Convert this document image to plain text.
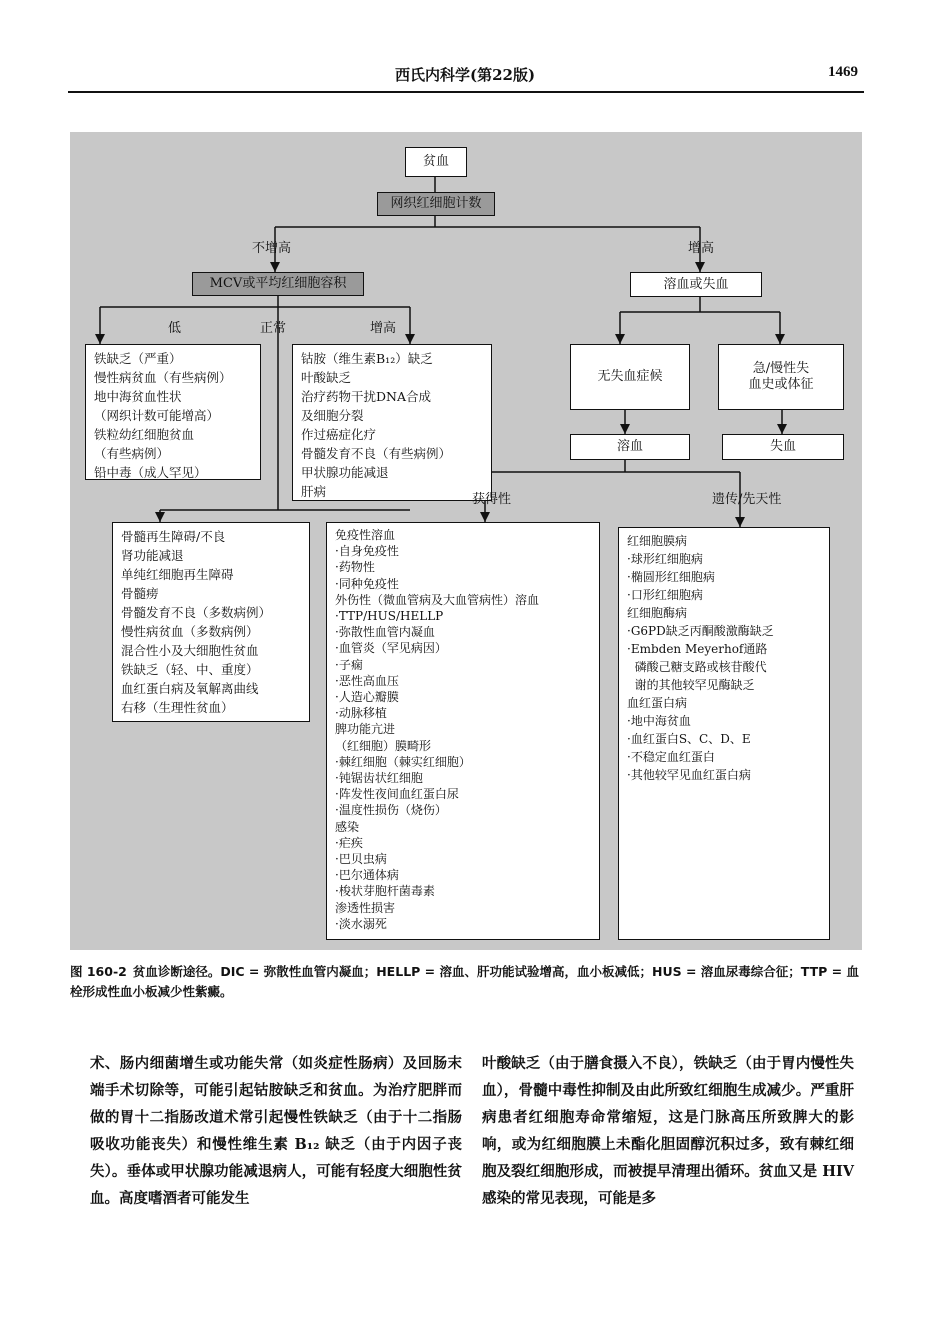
西氏内科学(第22版)	1469
贫血
网织红细胞计数
不增高	增高
MCV或平均红细胞容积	溶血或失血
低	正常	增高
铁缺乏（严重）
慢性病贫血（有些病例）
地中海贫血性状
（网织计数可能增高）
铁粒幼红细胞贫血
（有些病例）
铅中毒（成人罕见）
钴胺（维生素B₁₂）缺乏
叶酸缺乏
治疗药物干扰DNA合成
及细胞分裂
作过癌症化疗
骨髓发育不良（有些病例）
甲状腺功能减退
肝病
无失血症候
急/慢性失
血史或体征
溶血	失血
获得性	遗传/先天性
骨髓再生障碍/不良
肾功能减退
单纯红细胞再生障碍
骨髓痨
骨髓发育不良（多数病例）
慢性病贫血（多数病例）
混合性小及大细胞性贫血
铁缺乏（轻、中、重度）
血红蛋白病及氧解离曲线
右移（生理性贫血）
免疫性溶血
·自身免疫性
·药物性
·同种免疫性
外伤性（微血管病及大血管病性）溶血
·TTP/HUS/HELLP
·弥散性血管内凝血
·血管炎（罕见病因）
·子痫
·恶性高血压
·人造心瓣膜
·动脉移植
脾功能亢进
（红细胞）膜畸形
·棘红细胞（棘实红细胞）
·钝锯齿状红细胞
·阵发性夜间血红蛋白尿
·温度性损伤（烧伤）
感染
·疟疾
·巴贝虫病
·巴尔通体病
·梭状芽胞杆菌毒素
渗透性损害
·淡水溺死
红细胞膜病
·球形红细胞病
·椭圆形红细胞病
·口形红细胞病
红细胞酶病
·G6PD缺乏丙酮酸激酶缺乏
·Embden Meyerhof通路
磷酸己糖支路或核苷酸代
谢的其他较罕见酶缺乏
血红蛋白病
·地中海贫血
·血红蛋白S、C、D、E
·不稳定血红蛋白
·其他较罕见血红蛋白病
图 160-2 贫血诊断途径。DIC = 弥散性血管内凝血；HELLP = 溶血、肝功能试验增高，血小板减低；HUS = 溶血尿毒综合征；TTP = 血栓形成性血小板减少性紫癜。
术、肠内细菌增生或功能失常（如炎症性肠病）及回肠末端手术切除等，可能引起钴胺缺乏和贫血。为治疗肥胖而做的胃十二指肠改道术常引起慢性铁缺乏（由于十二指肠吸收功能丧失）和慢性维生素 B₁₂ 缺乏（由于内因子丧失）。垂体或甲状腺功能减退病人，可能有轻度大细胞性贫血。高度嗜酒者可能发生
叶酸缺乏（由于膳食摄入不良），铁缺乏（由于胃内慢性失血），骨髓中毒性抑制及由此所致红细胞生成减少。严重肝病患者红细胞寿命常缩短，这是门脉高压所致脾大的影响，或为红细胞膜上未酯化胆固醇沉积过多，致有棘红细胞及裂红细胞形成，而被提早清理出循环。贫血又是 HIV 感染的常见表现，可能是多
